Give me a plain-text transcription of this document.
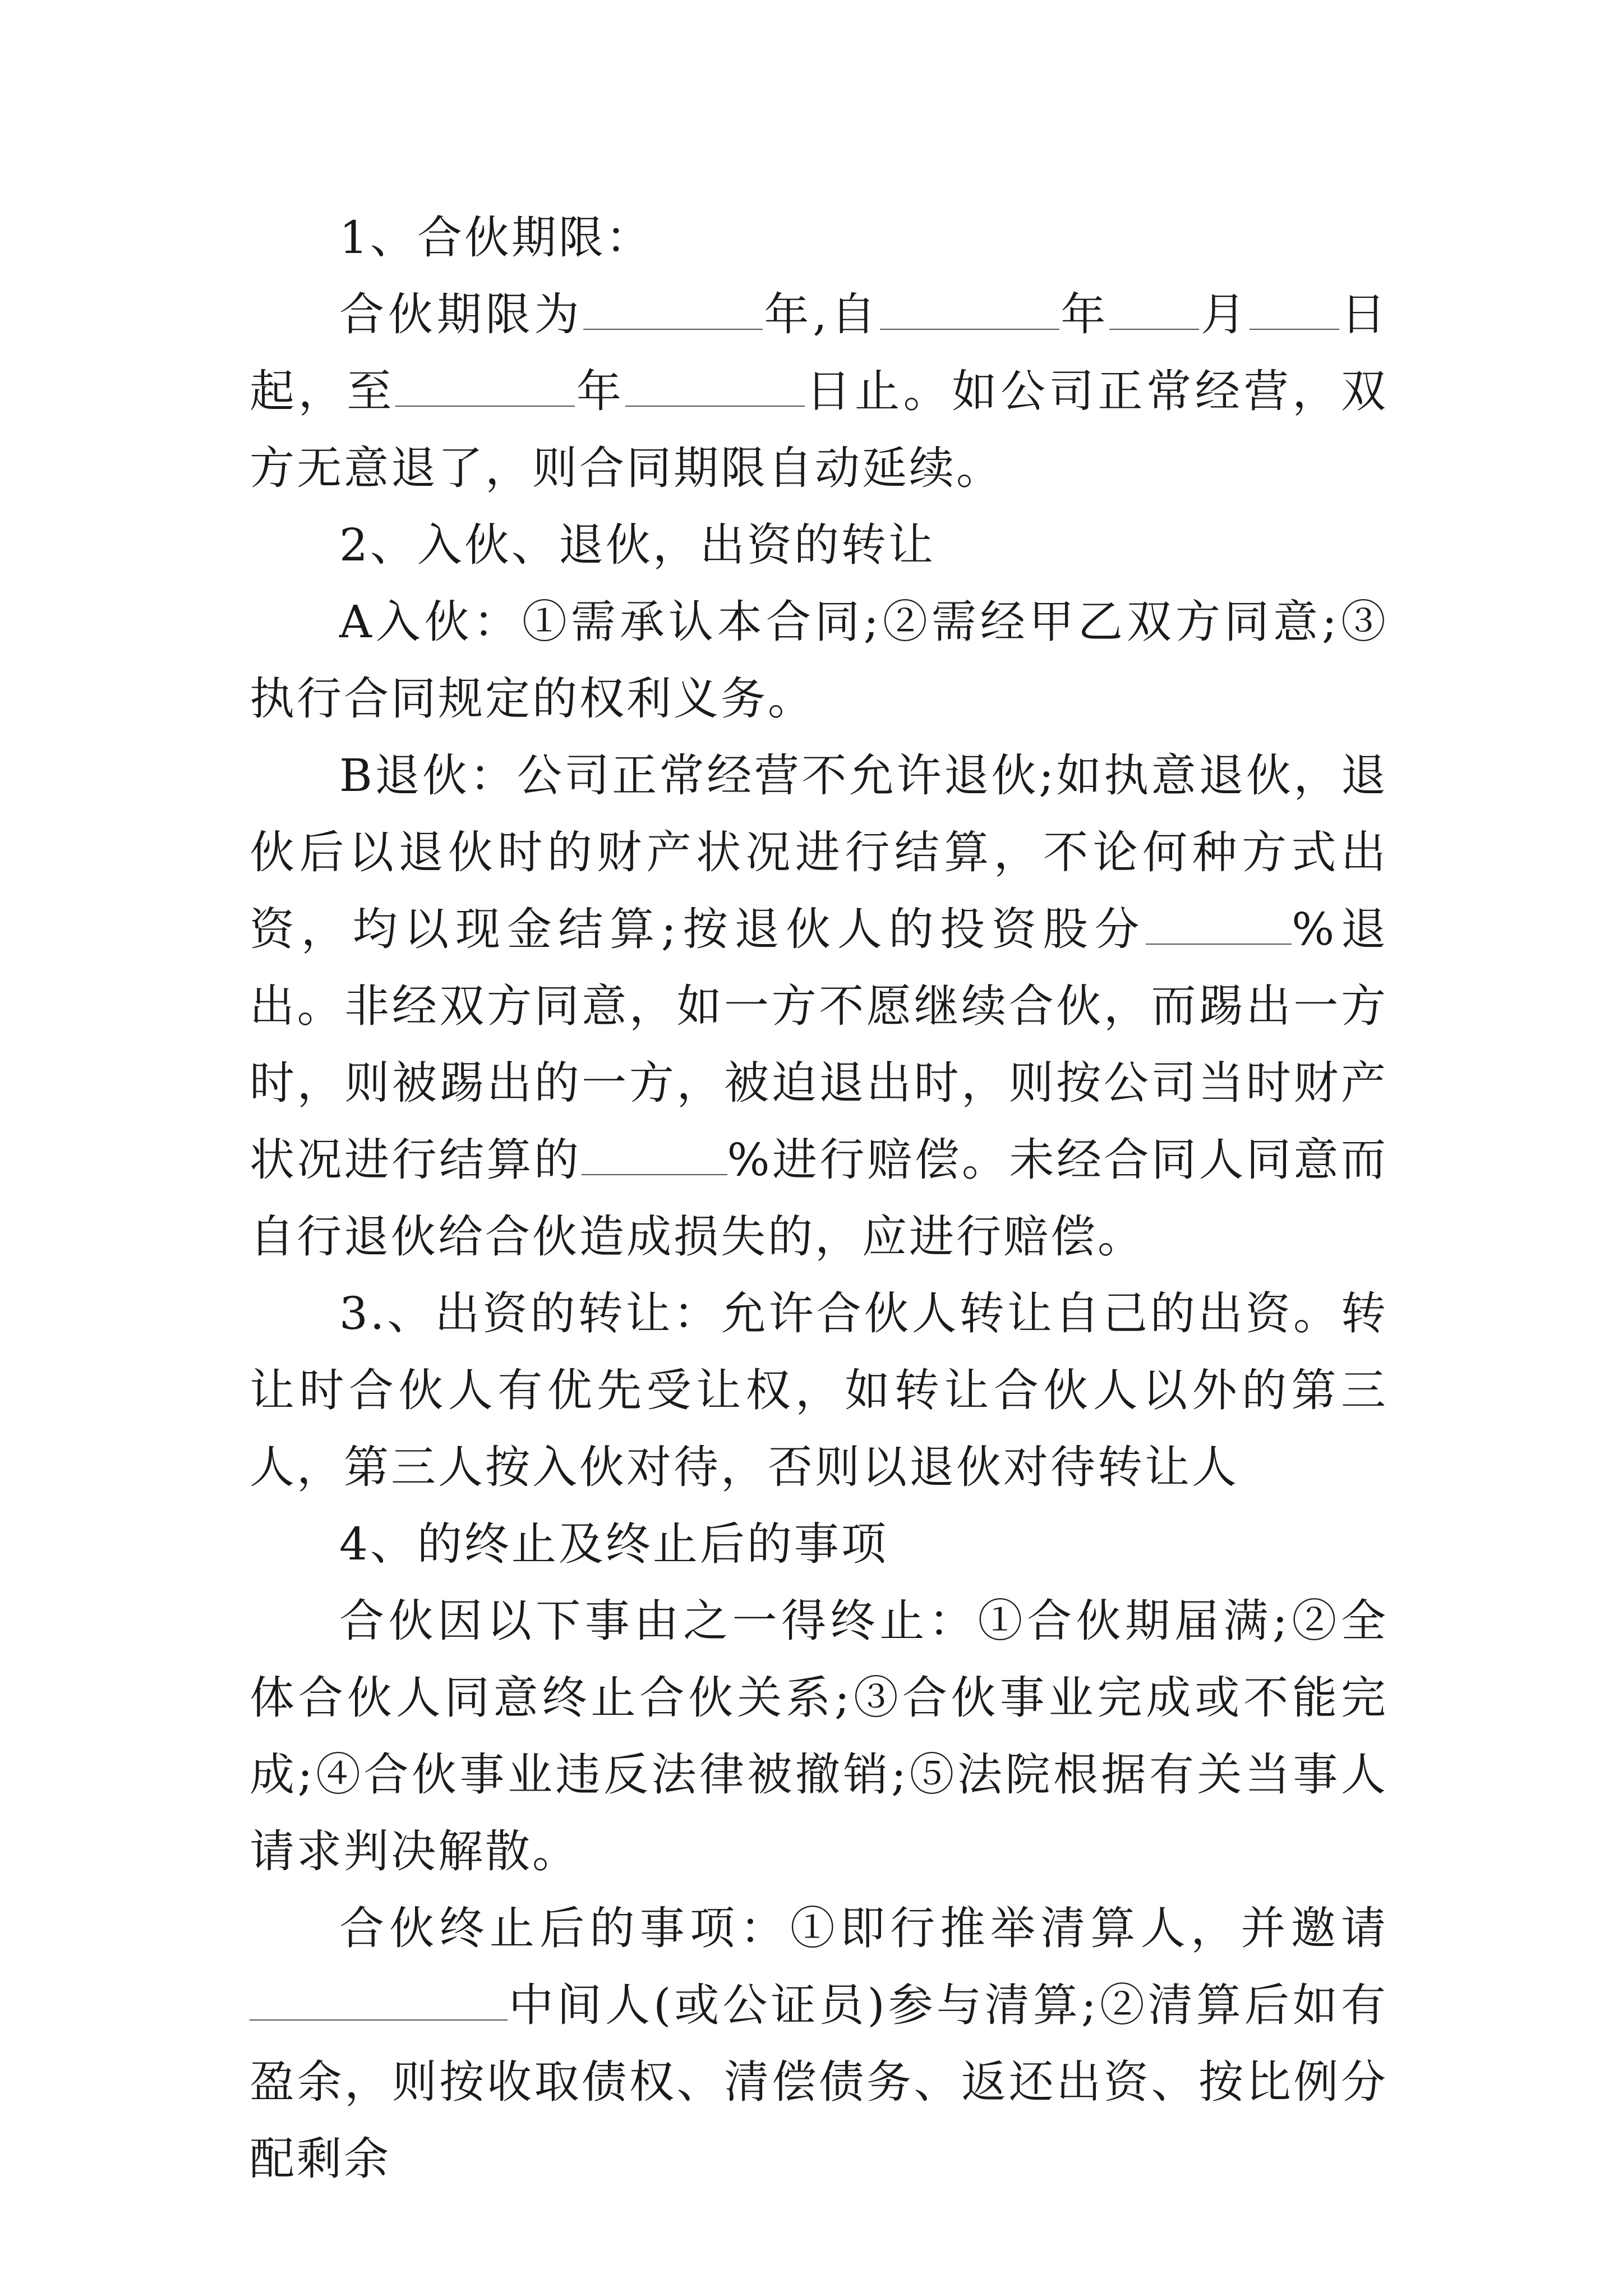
1、合伙期限：

合伙期限为	年,自	年 月 日起，至	年	日止。如公司正常经营，双方无意退了，则合同期限自动延续。

2、入伙、退伙，出资的转让

A入伙：①需承认本合同;②需经甲乙双方同意;③执行合同规定的权利义务。

B退伙：公司正常经营不允许退伙;如执意退伙，退伙后以退伙时的财产状况进行结算，不论何种方式出资，均以现金结算;按退伙人的投资股分	%退出。非经双方同意，如一方不愿继续合伙，而踢出一方时，则被踢出的一方，被迫退出时，则按公司当时财产状况进行结算的	%进行赔偿。未经合同人同意而自行退伙给合伙造成损失的，应进行赔偿。

3.、出资的转让：允许合伙人转让自己的出资。转让时合伙人有优先受让权，如转让合伙人以外的第三人，第三人按入伙对待，否则以退伙对待转让人

4、的终止及终止后的事项

合伙因以下事由之一得终止：①合伙期届满;②全体合伙人同意终止合伙关系;③合伙事业完成或不能完成;④合伙事业违反法律被撤销;⑤法院根据有关当事人请求判决解散。

合伙终止后的事项：①即行推举清算人，并邀请中间人(或公证员)参与清算;②清算后如有盈余，则按收取债权、清偿债务、返还出资、按比例分配剩余
